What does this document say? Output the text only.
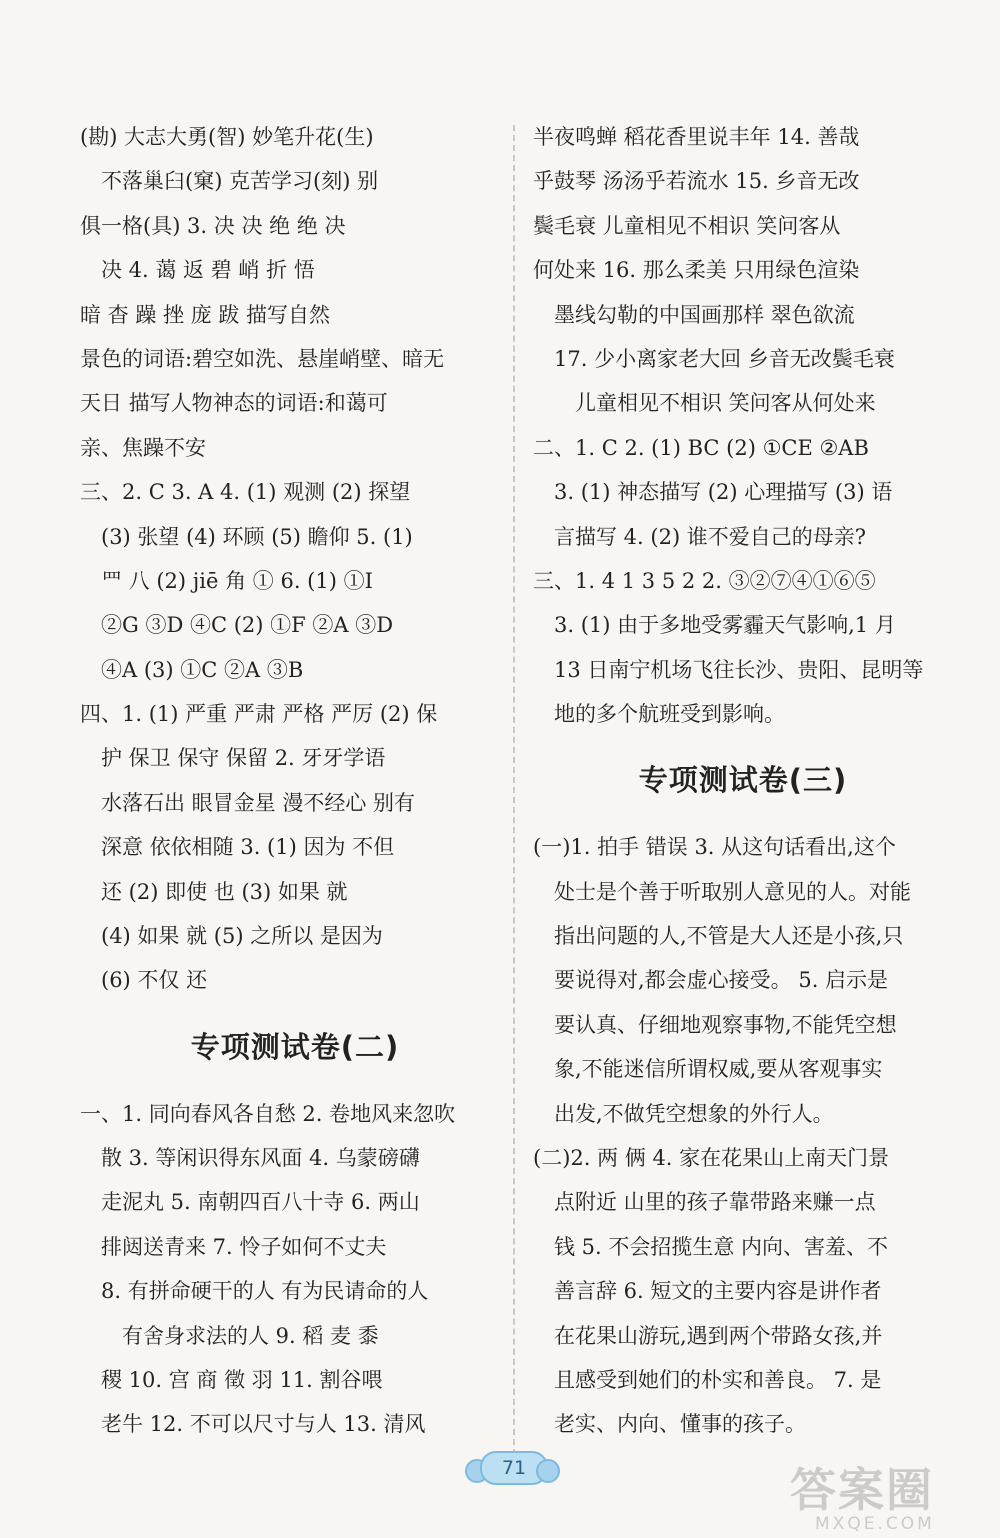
(勘) 大志大勇(智) 妙笔升花(生)
　不落巢臼(窠) 克苦学习(刻) 别
俱一格(具) 3. 决 决 绝 绝 决
　决 4. 蔼 返 碧 峭 折 悟
暗 杳 躁 挫 庞 跋 描写自然
景色的词语:碧空如洗、悬崖峭壁、暗无
天日 描写人物神态的词语:和蔼可
亲、焦躁不安
三、2. C 3. A 4. (1) 观测 (2) 探望
　(3) 张望 (4) 环顾 (5) 瞻仰 5. (1)
　罒 八 (2) jiē 角 ① 6. (1) ①I
　②G ③D ④C (2) ①F ②A ③D
　④A (3) ①C ②A ③B
四、1. (1) 严重 严肃 严格 严厉 (2) 保
　护 保卫 保守 保留 2. 牙牙学语
　水落石出 眼冒金星 漫不经心 别有
　深意 依依相随 3. (1) 因为 不但
　还 (2) 即使 也 (3) 如果 就
　(4) 如果 就 (5) 之所以 是因为
　(6) 不仅 还
专项测试卷(二)
一、1. 同向春风各自愁 2. 卷地风来忽吹
　散 3. 等闲识得东风面 4. 乌蒙磅礴
　走泥丸 5. 南朝四百八十寺 6. 两山
　排闼送青来 7. 怜子如何不丈夫
　8. 有拼命硬干的人 有为民请命的人
　　有舍身求法的人 9. 稻 麦 黍
　稷 10. 宫 商 徵 羽 11. 割谷喂
　老牛 12. 不可以尺寸与人 13. 清风
半夜鸣蝉 稻花香里说丰年 14. 善哉
乎鼓琴 汤汤乎若流水 15. 乡音无改
鬓毛衰 儿童相见不相识 笑问客从
何处来 16. 那么柔美 只用绿色渲染
　墨线勾勒的中国画那样 翠色欲流
　17. 少小离家老大回 乡音无改鬓毛衰
　　儿童相见不相识 笑问客从何处来
二、1. C 2. (1) BC (2) ①CE ②AB
　3. (1) 神态描写 (2) 心理描写 (3) 语
　言描写 4. (2) 谁不爱自己的母亲?
三、1. 4 1 3 5 2 2. ③②⑦④①⑥⑤
　3. (1) 由于多地受雾霾天气影响,1 月
　13 日南宁机场飞往长沙、贵阳、昆明等
　地的多个航班受到影响。
专项测试卷(三)
(一)1. 拍手 错误 3. 从这句话看出,这个
　处士是个善于听取别人意见的人。对能
　指出问题的人,不管是大人还是小孩,只
　要说得对,都会虚心接受。 5. 启示是
　要认真、仔细地观察事物,不能凭空想
　象,不能迷信所谓权威,要从客观事实
　出发,不做凭空想象的外行人。
(二)2. 两 俩 4. 家在花果山上南天门景
　点附近 山里的孩子靠带路来赚一点
　钱 5. 不会招揽生意 内向、害羞、不
　善言辞 6. 短文的主要内容是讲作者
　在花果山游玩,遇到两个带路女孩,并
　且感受到她们的朴实和善良。 7. 是
　老实、内向、懂事的孩子。
71	答案圈
MXQE.COM
